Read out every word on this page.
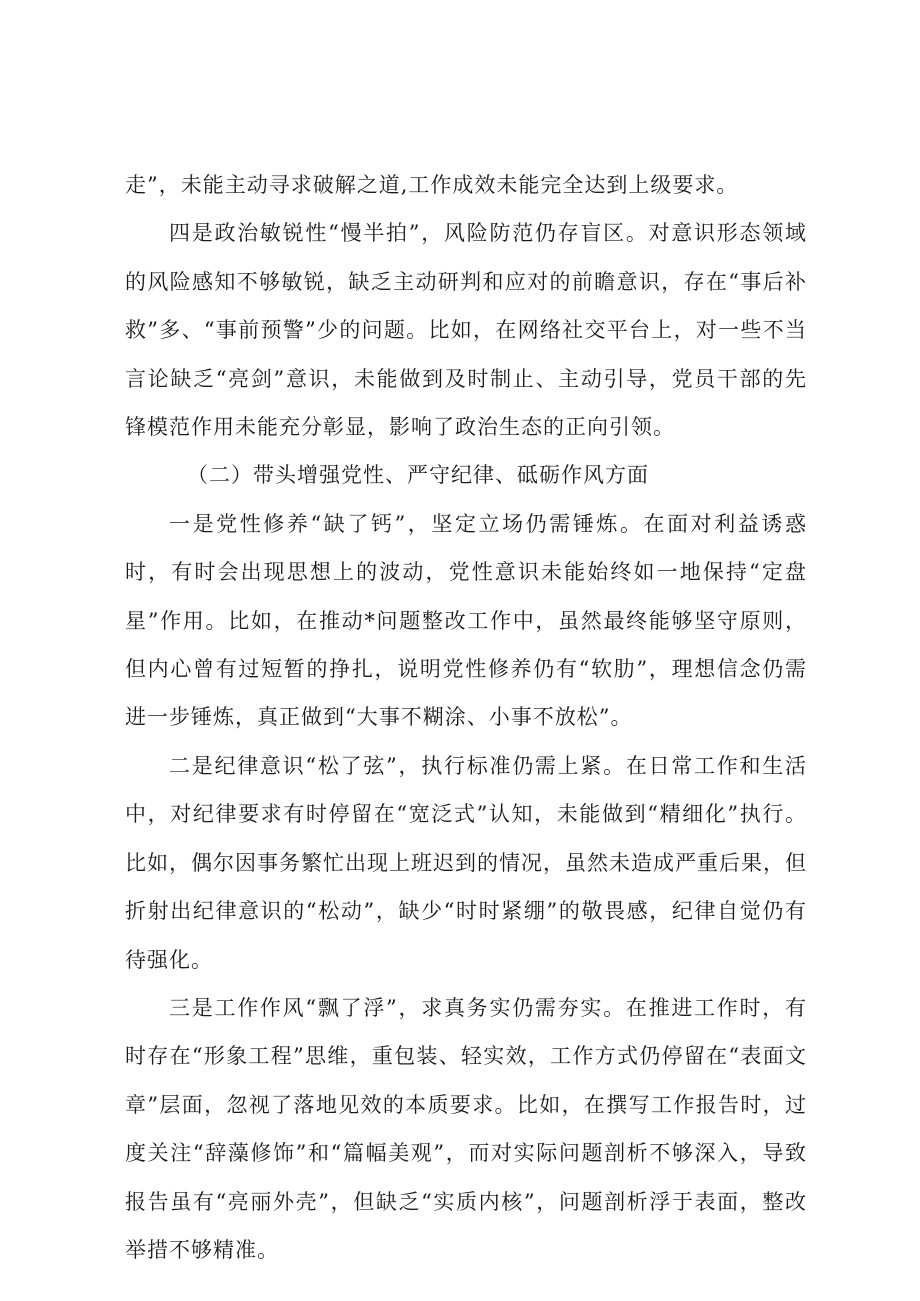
走”，未能主动寻求破解之道,工作成效未能完全达到上级要求。

四是政治敏锐性“慢半拍”，风险防范仍存盲区。对意识形态领域的风险感知不够敏锐，缺乏主动研判和应对的前瞻意识，存在“事后补救”多、“事前预警”少的问题。比如，在网络社交平台上，对一些不当言论缺乏“亮剑”意识，未能做到及时制止、主动引导，党员干部的先锋模范作用未能充分彰显，影响了政治生态的正向引领。

（二）带头增强党性、严守纪律、砥砺作风方面

一是党性修养“缺了钙”，坚定立场仍需锤炼。在面对利益诱惑时，有时会出现思想上的波动，党性意识未能始终如一地保持“定盘星”作用。比如，在推动*问题整改工作中，虽然最终能够坚守原则，但内心曾有过短暂的挣扎，说明党性修养仍有“软肋”，理想信念仍需进一步锤炼，真正做到“大事不糊涂、小事不放松”。

二是纪律意识“松了弦”，执行标准仍需上紧。在日常工作和生活中，对纪律要求有时停留在“宽泛式”认知，未能做到“精细化”执行。比如，偶尔因事务繁忙出现上班迟到的情况，虽然未造成严重后果，但折射出纪律意识的“松动”，缺少“时时紧绷”的敬畏感，纪律自觉仍有待强化。

三是工作作风“飘了浮”，求真务实仍需夯实。在推进工作时，有时存在“形象工程”思维，重包装、轻实效，工作方式仍停留在“表面文章”层面，忽视了落地见效的本质要求。比如，在撰写工作报告时，过度关注“辞藻修饰”和“篇幅美观”，而对实际问题剖析不够深入，导致报告虽有“亮丽外壳”，但缺乏“实质内核”，问题剖析浮于表面，整改举措不够精准。
